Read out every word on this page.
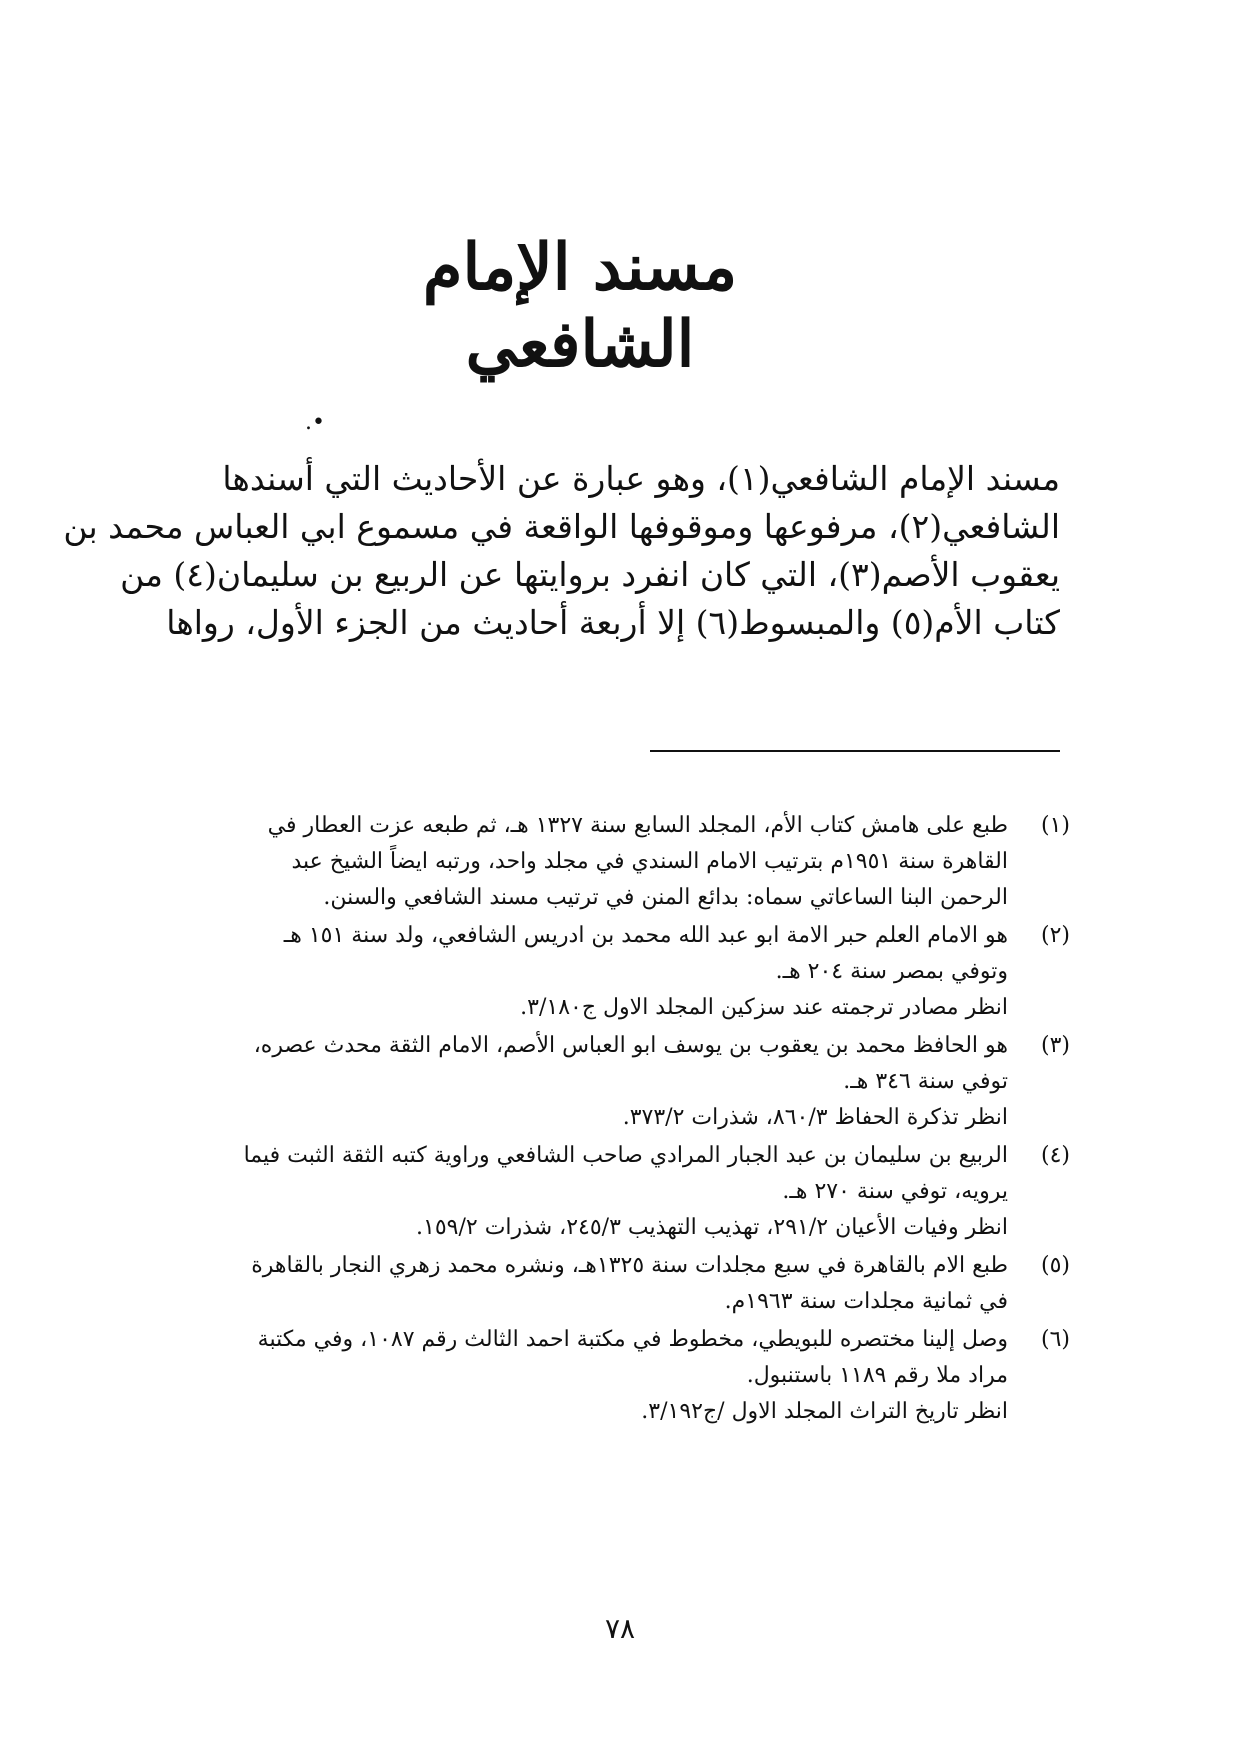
مسند الإمام الشافعي
•.
مسند الإمام الشافعي(١)، وهو عبارة عن الأحاديث التي أسندها
الشافعي(٢)، مرفوعها وموقوفها الواقعة في مسموع ابي العباس محمد بن
يعقوب الأصم(٣)، التي كان انفرد بروايتها عن الربيع بن سليمان(٤) من
كتاب الأم(٥) والمبسوط(٦) إلا أربعة أحاديث من الجزء الأول، رواها
(١)
طبع على هامش كتاب الأم، المجلد السابع سنة ١٣٢٧ هـ، ثم طبعه عزت العطار في
القاهرة سنة ١٩٥١م بترتيب الامام السندي في مجلد واحد، ورتبه ايضاً الشيخ عبد
الرحمن البنا الساعاتي سماه: بدائع المنن في ترتيب مسند الشافعي والسنن.
(٢)
هو الامام العلم حبر الامة ابو عبد الله محمد بن ادريس الشافعي، ولد سنة ١٥١ هـ
وتوفي بمصر سنة ٢٠٤ هـ.
انظر مصادر ترجمته عند سزكين المجلد الاول ج٣/١٨٠.
(٣)
هو الحافظ محمد بن يعقوب بن يوسف ابو العباس الأصم، الامام الثقة محدث عصره،
توفي سنة ٣٤٦ هـ.
انظر تذكرة الحفاظ ٨٦٠/٣، شذرات ٣٧٣/٢.
(٤)
الربيع بن سليمان بن عبد الجبار المرادي صاحب الشافعي وراوية كتبه الثقة الثبت فيما
يرويه، توفي سنة ٢٧٠ هـ.
انظر وفيات الأعيان ٢٩١/٢، تهذيب التهذيب ٢٤٥/٣، شذرات ١٥٩/٢.
(٥)
طبع الام بالقاهرة في سبع مجلدات سنة ١٣٢٥هـ، ونشره محمد زهري النجار بالقاهرة
في ثمانية مجلدات سنة ١٩٦٣م.
(٦)
وصل إلينا مختصره للبويطي، مخطوط في مكتبة احمد الثالث رقم ١٠٨٧، وفي مكتبة
مراد ملا رقم ١١٨٩ باستنبول.
انظر تاريخ التراث المجلد الاول /ج٣/١٩٢.
٧٨
